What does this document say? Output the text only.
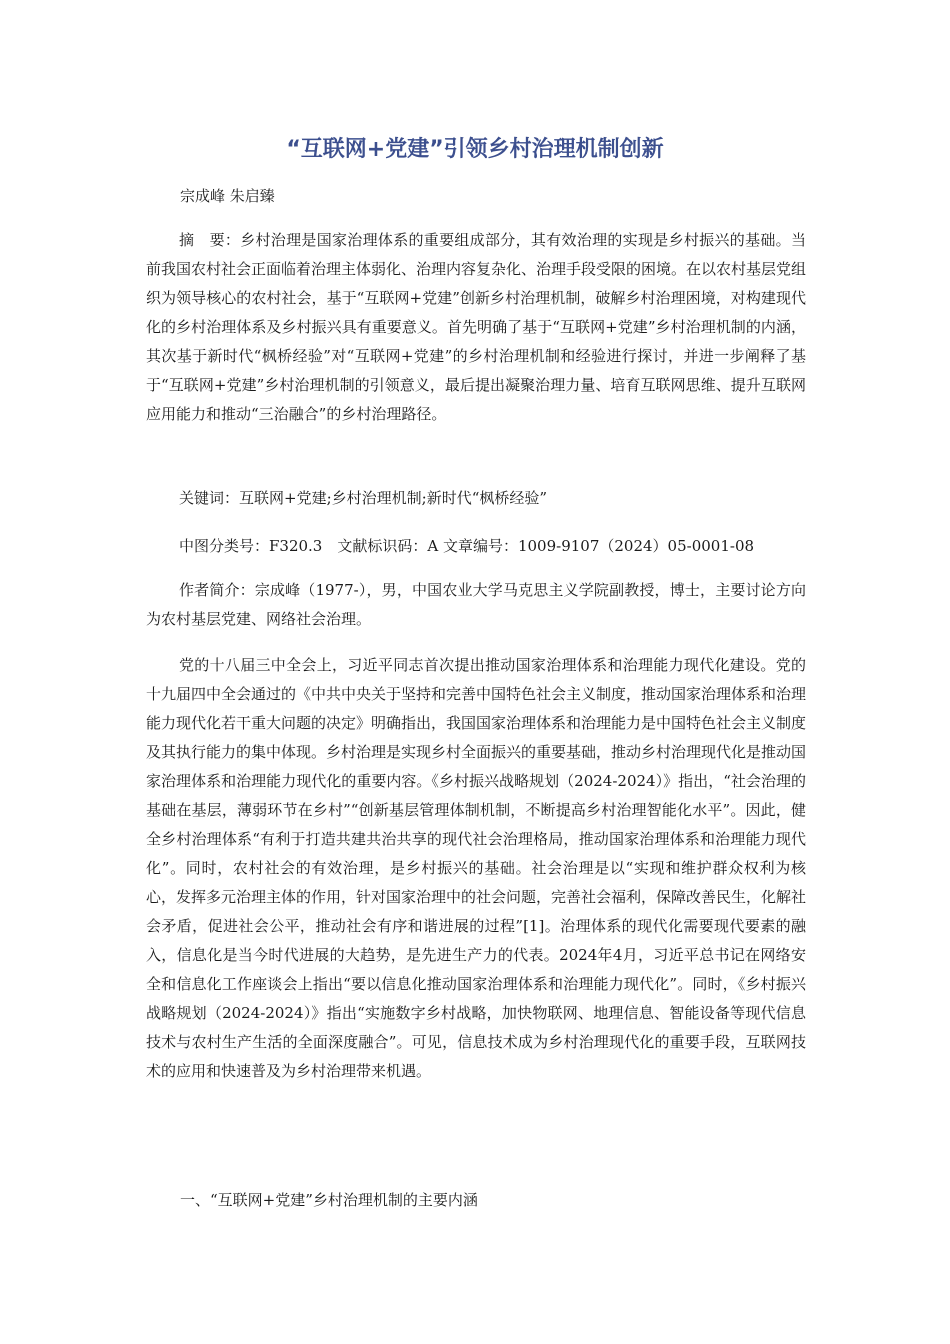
“互联网+党建”引领乡村治理机制创新

宗成峰 朱启臻

摘　要：乡村治理是国家治理体系的重要组成部分，其有效治理的实现是乡村振兴的基础。当前我国农村社会正面临着治理主体弱化、治理内容复杂化、治理手段受限的困境。在以农村基层党组织为领导核心的农村社会，基于“互联网+党建”创新乡村治理机制，破解乡村治理困境，对构建现代化的乡村治理体系及乡村振兴具有重要意义。首先明确了基于“互联网+党建”乡村治理机制的内涵，其次基于新时代“枫桥经验”对“互联网+党建”的乡村治理机制和经验进行探讨，并进一步阐释了基于“互联网+党建”乡村治理机制的引领意义，最后提出凝聚治理力量、培育互联网思维、提升互联网应用能力和推动“三治融合”的乡村治理路径。

关键词：互联网+党建;乡村治理机制;新时代“枫桥经验”

中图分类号：F320.3　文献标识码：A 文章编号：1009-9107（2024）05-0001-08

作者简介：宗成峰（1977-），男，中国农业大学马克思主义学院副教授，博士，主要讨论方向为农村基层党建、网络社会治理。

党的十八届三中全会上，习近平同志首次提出推动国家治理体系和治理能力现代化建设。党的十九届四中全会通过的《中共中央关于坚持和完善中国特色社会主义制度，推动国家治理体系和治理能力现代化若干重大问题的决定》明确指出，我国国家治理体系和治理能力是中国特色社会主义制度及其执行能力的集中体现。乡村治理是实现乡村全面振兴的重要基础，推动乡村治理现代化是推动国家治理体系和治理能力现代化的重要内容。《乡村振兴战略规划（2024-2024）》指出，“社会治理的基础在基层，薄弱环节在乡村”“创新基层管理体制机制，不断提高乡村治理智能化水平”。因此，健全乡村治理体系“有利于打造共建共治共享的现代社会治理格局，推动国家治理体系和治理能力现代化”。同时，农村社会的有效治理，是乡村振兴的基础。社会治理是以“实现和维护群众权利为核心，发挥多元治理主体的作用，针对国家治理中的社会问题，完善社会福利，保障改善民生，化解社会矛盾，促进社会公平，推动社会有序和谐进展的过程”[1]。治理体系的现代化需要现代要素的融入，信息化是当今时代进展的大趋势，是先进生产力的代表。2024年4月，习近平总书记在网络安全和信息化工作座谈会上指出“要以信息化推动国家治理体系和治理能力现代化”。同时，《乡村振兴战略规划（2024-2024）》指出“实施数字乡村战略，加快物联网、地理信息、智能设备等现代信息技术与农村生产生活的全面深度融合”。可见，信息技术成为乡村治理现代化的重要手段，互联网技术的应用和快速普及为乡村治理带来机遇。

一、“互联网+党建”乡村治理机制的主要内涵
